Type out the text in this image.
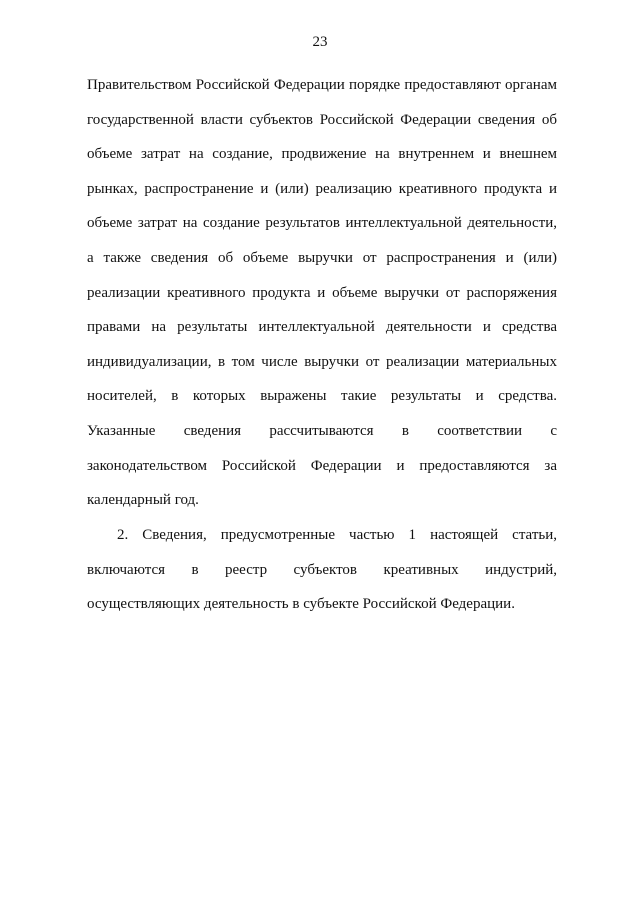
23
Правительством Российской Федерации порядке предоставляют органам
государственной власти субъектов Российской Федерации сведения об
объеме затрат на создание, продвижение на внутреннем и внешнем
рынках, распространение и (или) реализацию креативного продукта и
объеме затрат на создание результатов интеллектуальной деятельности,
а также сведения об объеме выручки от распространения и (или)
реализации креативного продукта и объеме выручки от распоряжения
правами на результаты интеллектуальной деятельности и средства
индивидуализации, в том числе выручки от реализации материальных
носителей, в которых выражены такие результаты и средства.
Указанные сведения рассчитываются в соответствии с
законодательством Российской Федерации и предоставляются за
календарный год.
2. Сведения, предусмотренные частью 1 настоящей статьи,
включаются в реестр субъектов креативных индустрий,
осуществляющих деятельность в субъекте Российской Федерации.
